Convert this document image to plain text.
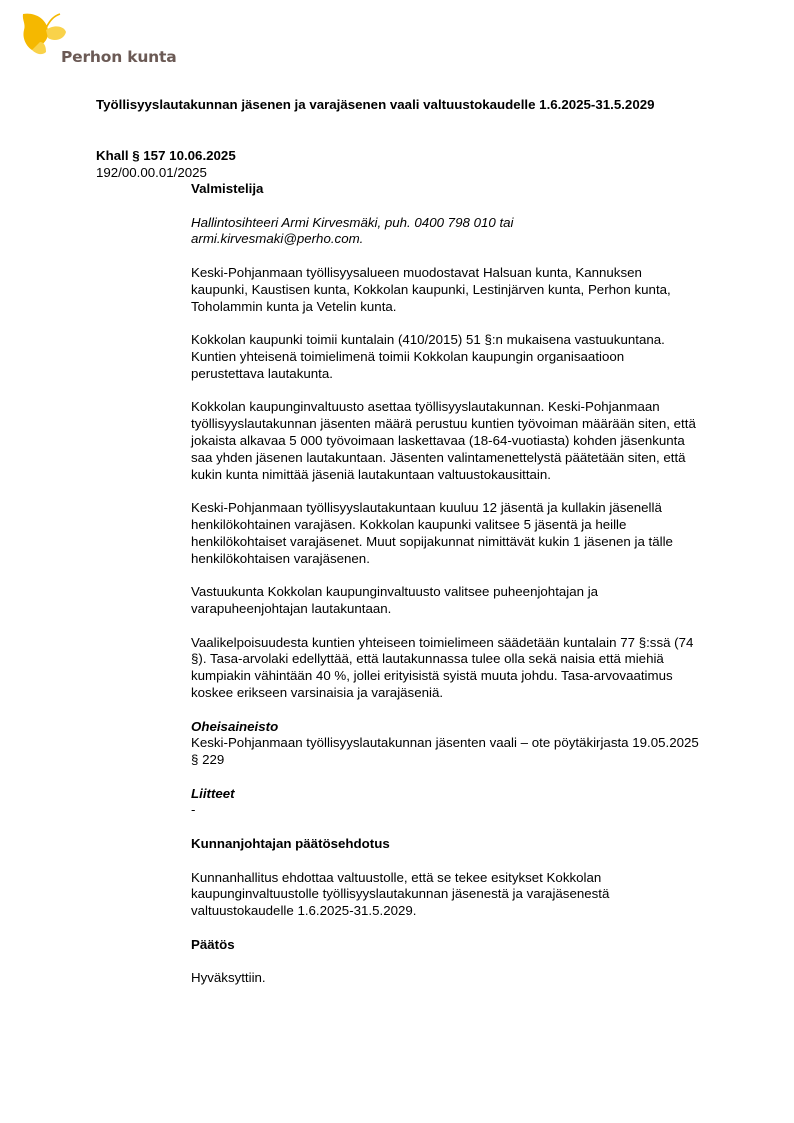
Perhon kunta
Työllisyyslautakunnan jäsenen ja varajäsenen vaali valtuustokaudelle 1.6.2025-31.5.2029
Khall § 157 10.06.2025
192/00.00.01/2025
Valmistelija

Hallintosihteeri Armi Kirvesmäki, puh. 0400 798 010 tai
armi.kirvesmaki@perho.com.

Keski-Pohjanmaan työllisyysalueen muodostavat Halsuan kunta, Kannuksen kaupunki, Kaustisen kunta, Kokkolan kaupunki, Lestinjärven kunta, Perhon kunta, Toholammin kunta ja Vetelin kunta.

Kokkolan kaupunki toimii kuntalain (410/2015) 51 §:n mukaisena vastuukuntana. Kuntien yhteisenä toimielimenä toimii Kokkolan kaupungin organisaatioon perustettava lautakunta.

Kokkolan kaupunginvaltuusto asettaa työllisyyslautakunnan. Keski-Pohjanmaan työllisyyslautakunnan jäsenten määrä perustuu kuntien työvoiman määrään siten, että jokaista alkavaa 5 000 työvoimaan laskettavaa (18-64-vuotiasta) kohden jäsenkunta saa yhden jäsenen lautakuntaan. Jäsenten valintamenettelystä päätetään siten, että kukin kunta nimittää jäseniä lautakuntaan valtuustokausittain.

Keski-Pohjanmaan työllisyyslautakuntaan kuuluu 12 jäsentä ja kullakin jäsenellä henkilökohtainen varajäsen. Kokkolan kaupunki valitsee 5 jäsentä ja heille henkilökohtaiset varajäsenet. Muut sopijakunnat nimittävät kukin 1 jäsenen ja tälle henkilökohtaisen varajäsenen.

Vastuukunta Kokkolan kaupunginvaltuusto valitsee puheenjohtajan ja varapuheenjohtajan lautakuntaan.

Vaalikelpoisuudesta kuntien yhteiseen toimielimeen säädetään kuntalain 77 §:ssä (74 §). Tasa-arvolaki edellyttää, että lautakunnassa tulee olla sekä naisia että miehiä kumpiakin vähintään 40 %, jollei erityisistä syistä muuta johdu. Tasa-arvovaatimus koskee erikseen varsinaisia ja varajäseniä.

Oheisaineisto

Keski-Pohjanmaan työllisyyslautakunnan jäsenten vaali – ote pöytäkirjasta 19.05.2025 § 229

Liitteet

-

Kunnanjohtajan päätösehdotus

Kunnanhallitus ehdottaa valtuustolle, että se tekee esitykset Kokkolan kaupunginvaltuustolle työllisyyslautakunnan jäsenestä ja varajäsenestä valtuustokaudelle 1.6.2025-31.5.2029.

Päätös

Hyväksyttiin.
